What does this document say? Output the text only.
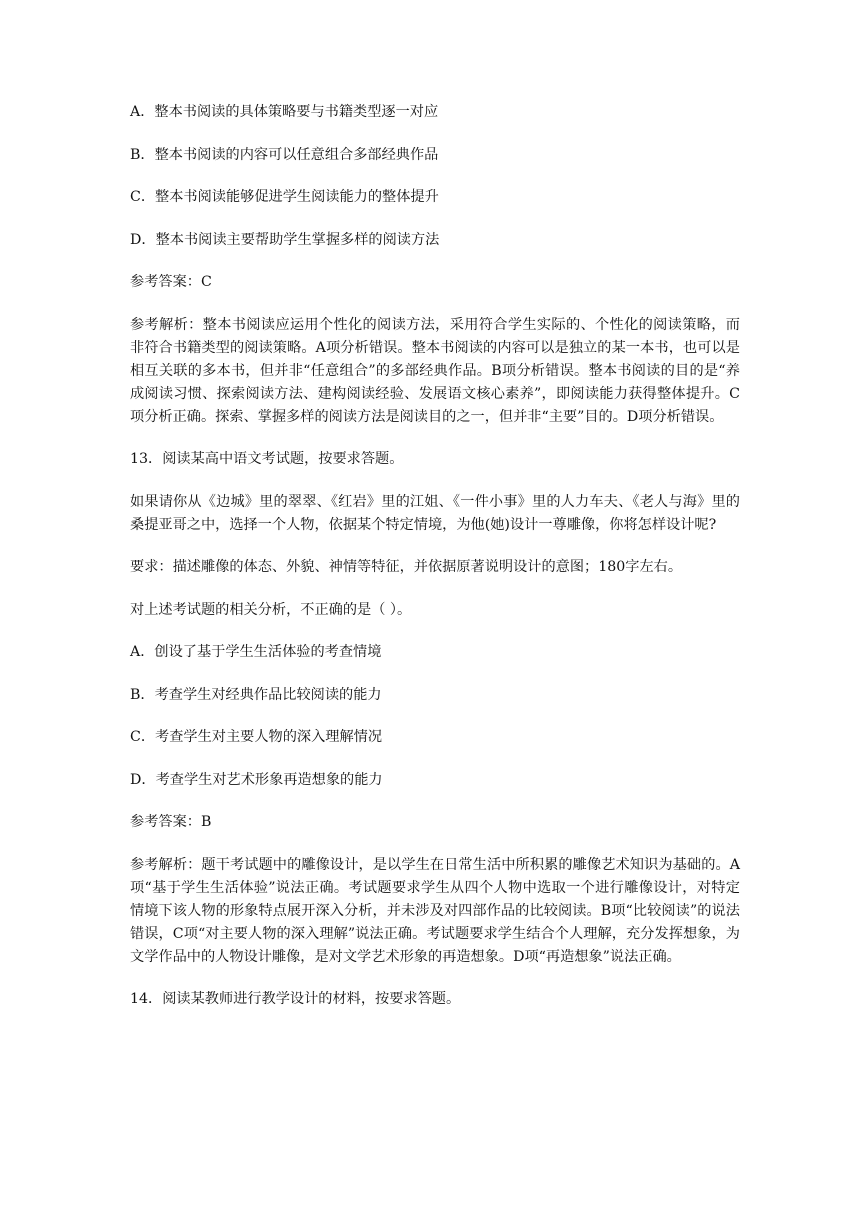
A．整本书阅读的具体策略要与书籍类型逐一对应

B．整本书阅读的内容可以任意组合多部经典作品

C．整本书阅读能够促进学生阅读能力的整体提升

D．整本书阅读主要帮助学生掌握多样的阅读方法

参考答案：C

参考解析：整本书阅读应运用个性化的阅读方法，采用符合学生实际的、个性化的阅读策略，而非符合书籍类型的阅读策略。A项分析错误。整本书阅读的内容可以是独立的某一本书，也可以是相互关联的多本书，但并非“任意组合”的多部经典作品。B项分析错误。整本书阅读的目的是“养成阅读习惯、探索阅读方法、建构阅读经验、发展语文核心素养”，即阅读能力获得整体提升。C项分析正确。探索、掌握多样的阅读方法是阅读目的之一，但并非“主要”目的。D项分析错误。

13．阅读某高中语文考试题，按要求答题。

如果请你从《边城》里的翠翠、《红岩》里的江姐、《一件小事》里的人力车夫、《老人与海》里的桑提亚哥之中，选择一个人物，依据某个特定情境，为他(她)设计一尊雕像，你将怎样设计呢?

要求：描述雕像的体态、外貌、神情等特征，并依据原著说明设计的意图；180字左右。

对上述考试题的相关分析，不正确的是（ ）。

A．创设了基于学生生活体验的考查情境

B．考查学生对经典作品比较阅读的能力

C．考查学生对主要人物的深入理解情况

D．考查学生对艺术形象再造想象的能力

参考答案：B

参考解析：题干考试题中的雕像设计，是以学生在日常生活中所积累的雕像艺术知识为基础的。A项“基于学生生活体验”说法正确。考试题要求学生从四个人物中选取一个进行雕像设计，对特定情境下该人物的形象特点展开深入分析，并未涉及对四部作品的比较阅读。B项“比较阅读”的说法错误，C项“对主要人物的深入理解”说法正确。考试题要求学生结合个人理解，充分发挥想象，为文学作品中的人物设计雕像，是对文学艺术形象的再造想象。D项“再造想象”说法正确。

14．阅读某教师进行教学设计的材料，按要求答题。
